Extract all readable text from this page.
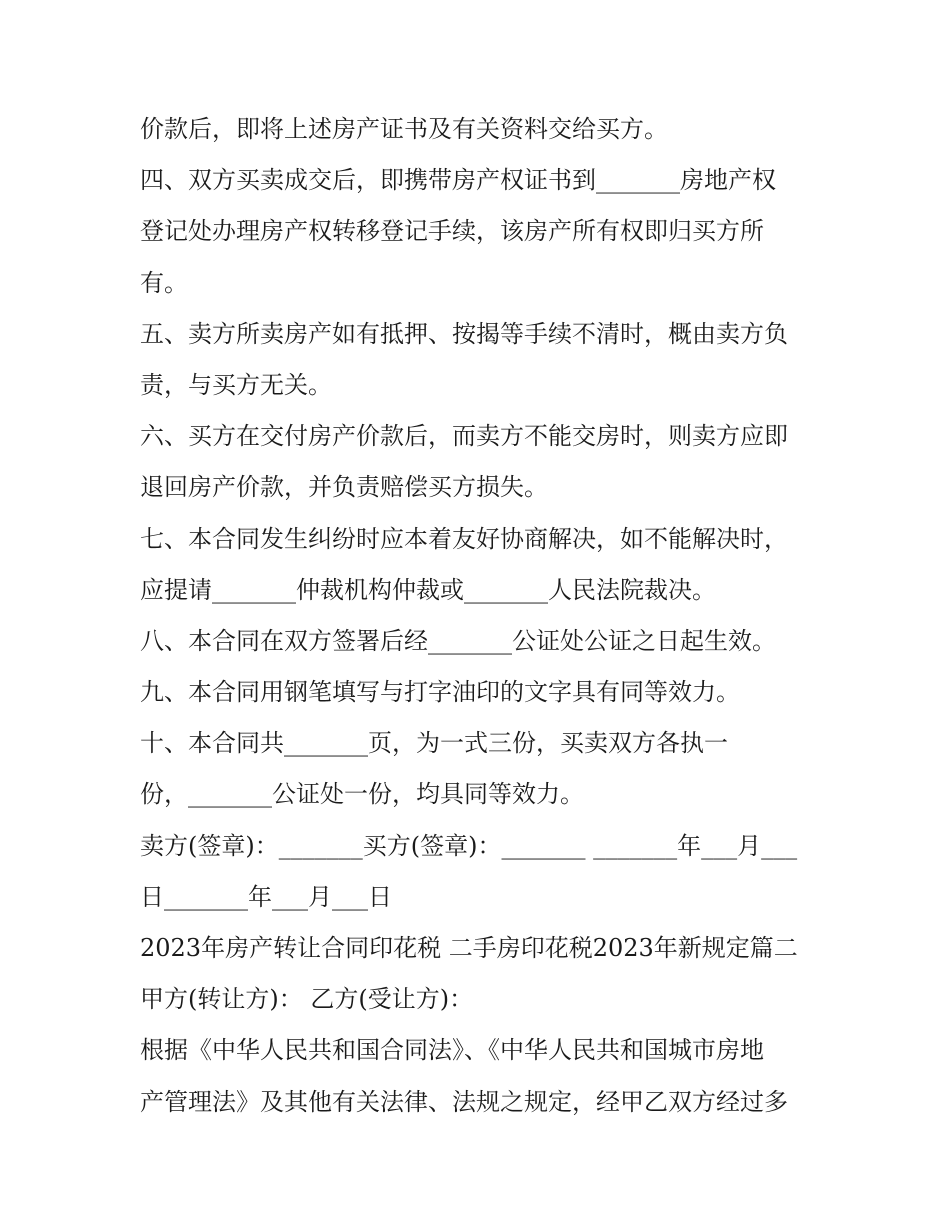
价款后，即将上述房产证书及有关资料交给买方。
四、双方买卖成交后，即携带房产权证书到_______房地产权
登记处办理房产权转移登记手续，该房产所有权即归买方所
有。
五、卖方所卖房产如有抵押、按揭等手续不清时，概由卖方负
责，与买方无关。
六、买方在交付房产价款后，而卖方不能交房时，则卖方应即
退回房产价款，并负责赔偿买方损失。
七、本合同发生纠纷时应本着友好协商解决，如不能解决时，
应提请_______仲裁机构仲裁或_______人民法院裁决。
八、本合同在双方签署后经_______公证处公证之日起生效。
九、本合同用钢笔填写与打字油印的文字具有同等效力。
十、本合同共_______页，为一式三份，买卖双方各执一
份，_______公证处一份，均具同等效力。
卖方(签章)：_______买方(签章)：_______ _______年___月___
日_______年___月___日
2023年房产转让合同印花税 二手房印花税2023年新规定篇二
甲方(转让方)： 乙方(受让方)：
根据《中华人民共和国合同法》、《中华人民共和国城市房地
产管理法》及其他有关法律、法规之规定，经甲乙双方经过多
